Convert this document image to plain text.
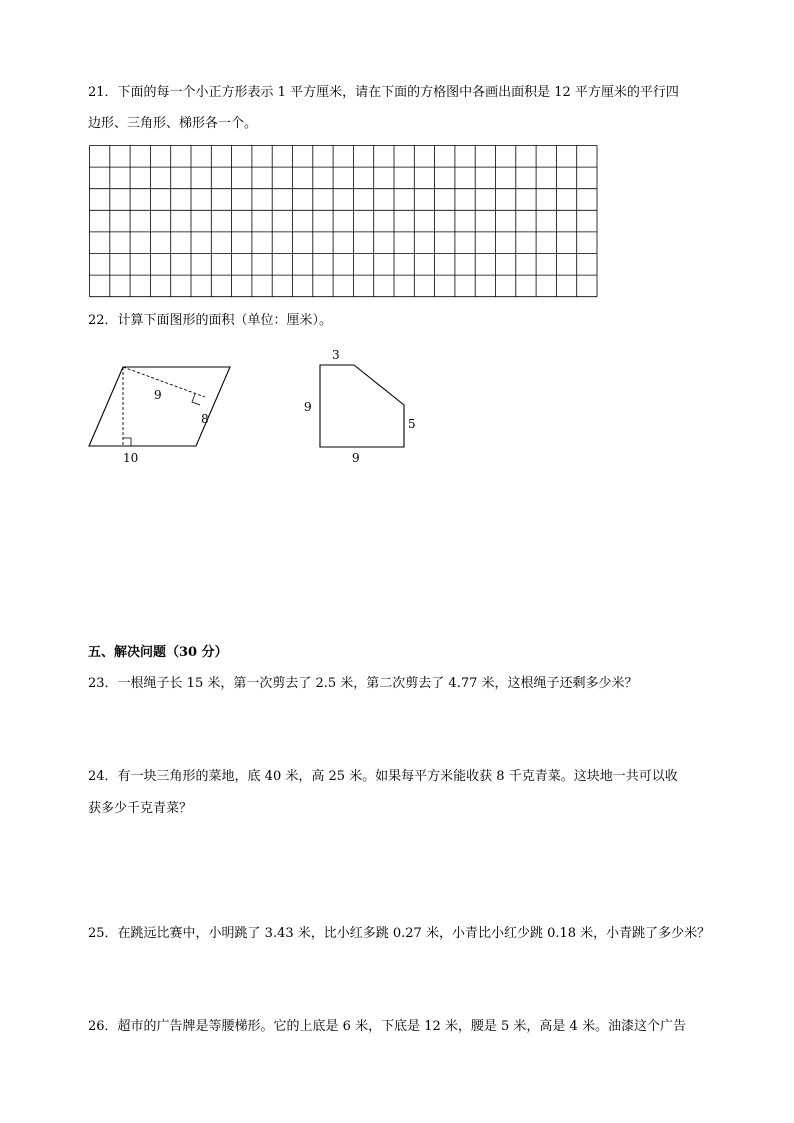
21．下面的每一个小正方形表示 1 平方厘米，请在下面的方格图中各画出面积是 12 平方厘米的平行四
边形、三角形、梯形各一个。
22．计算下面图形的面积（单位：厘米）。
9
8
10
3
9
5
9
五、解决问题（30 分）
23．一根绳子长 15 米，第一次剪去了 2.5 米，第二次剪去了 4.77 米，这根绳子还剩多少米？
24．有一块三角形的菜地，底 40 米，高 25 米。如果每平方米能收获 8 千克青菜。这块地一共可以收
获多少千克青菜？
25．在跳远比赛中，小明跳了 3.43 米，比小红多跳 0.27 米，小青比小红少跳 0.18 米，小青跳了多少米？
26．超市的广告牌是等腰梯形。它的上底是 6 米，下底是 12 米，腰是 5 米，高是 4 米。油漆这个广告
